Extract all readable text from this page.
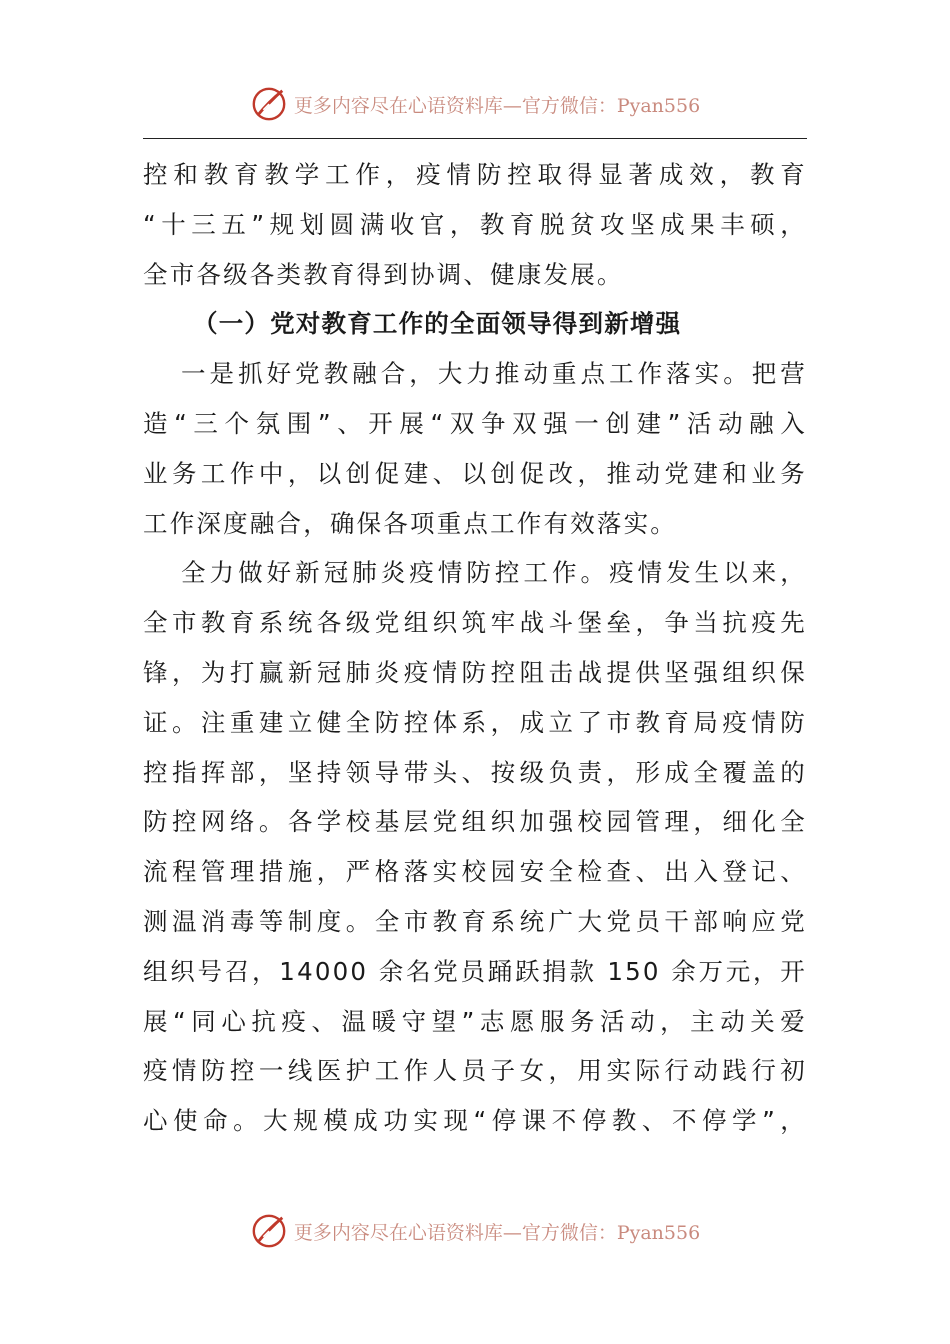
更多内容尽在心语资料库—官方微信：Pyan556
控和教育教学工作，疫情防控取得显著成效，教育
“十三五”规划圆满收官，教育脱贫攻坚成果丰硕，
全市各级各类教育得到协调、健康发展。
（一）党对教育工作的全面领导得到新增强
一是抓好党教融合，大力推动重点工作落实。把营
造“三个氛围”、开展“双争双强一创建”活动融入
业务工作中，以创促建、以创促改，推动党建和业务
工作深度融合，确保各项重点工作有效落实。
全力做好新冠肺炎疫情防控工作。疫情发生以来，
全市教育系统各级党组织筑牢战斗堡垒，争当抗疫先
锋，为打赢新冠肺炎疫情防控阻击战提供坚强组织保
证。注重建立健全防控体系，成立了市教育局疫情防
控指挥部，坚持领导带头、按级负责，形成全覆盖的
防控网络。各学校基层党组织加强校园管理，细化全
流程管理措施，严格落实校园安全检查、出入登记、
测温消毒等制度。全市教育系统广大党员干部响应党
组织号召，14000 余名党员踊跃捐款 150 余万元，开
展“同心抗疫、温暖守望”志愿服务活动，主动关爱
疫情防控一线医护工作人员子女，用实际行动践行初
心使命。大规模成功实现“停课不停教、不停学”，
更多内容尽在心语资料库—官方微信：Pyan556
